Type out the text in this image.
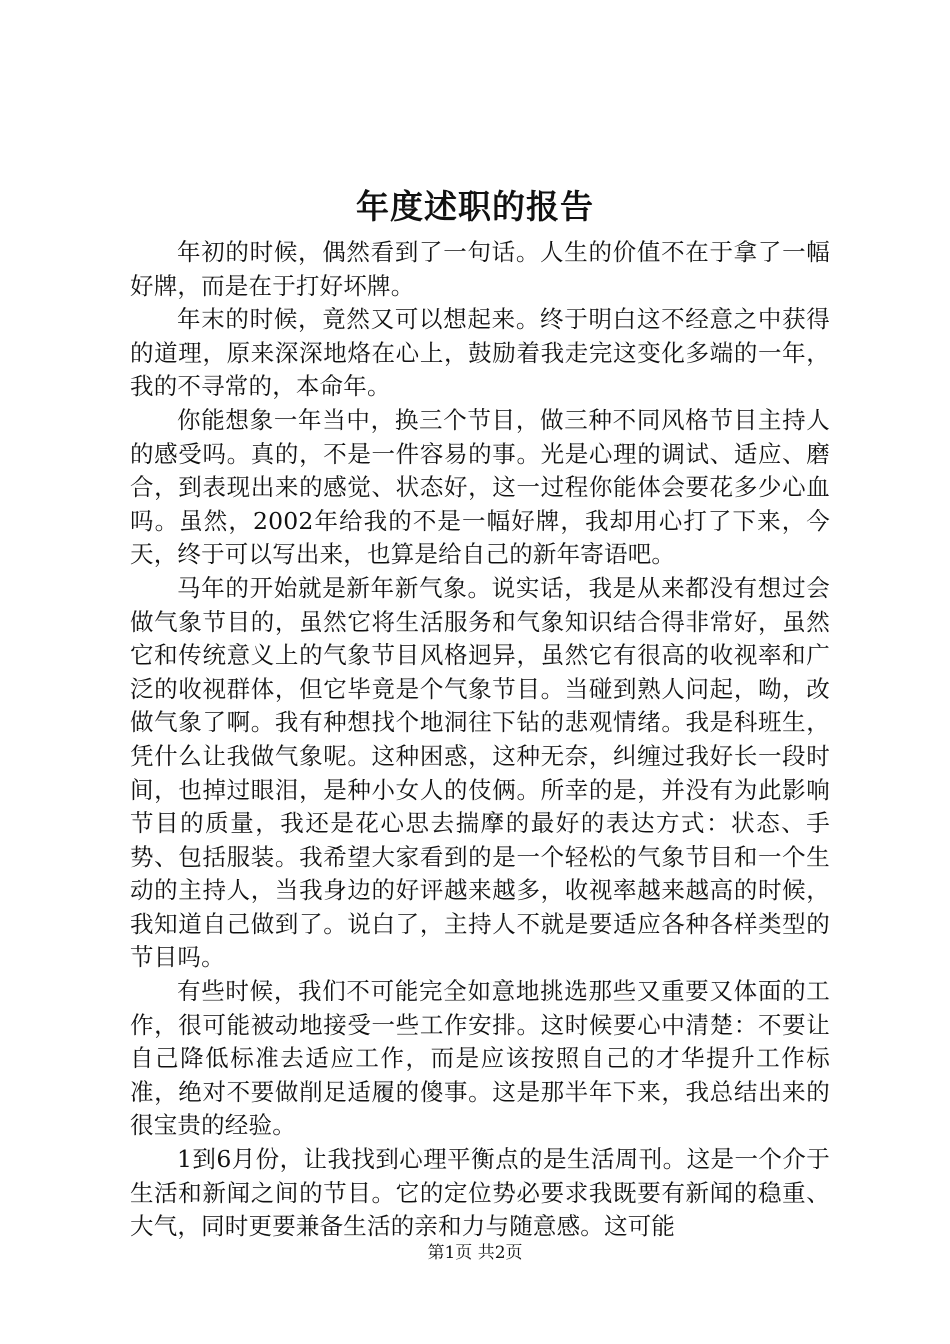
年度述职的报告

年初的时候，偶然看到了一句话。人生的价值不在于拿了一幅好牌，而是在于打好坏牌。

年末的时候，竟然又可以想起来。终于明白这不经意之中获得的道理，原来深深地烙在心上，鼓励着我走完这变化多端的一年，我的不寻常的，本命年。

你能想象一年当中，换三个节目，做三种不同风格节目主持人的感受吗。真的，不是一件容易的事。光是心理的调试、适应、磨合，到表现出来的感觉、状态好，这一过程你能体会要花多少心血吗。虽然，2002年给我的不是一幅好牌，我却用心打了下来，今天，终于可以写出来，也算是给自己的新年寄语吧。

马年的开始就是新年新气象。说实话，我是从来都没有想过会做气象节目的，虽然它将生活服务和气象知识结合得非常好，虽然它和传统意义上的气象节目风格迥异，虽然它有很高的收视率和广泛的收视群体，但它毕竟是个气象节目。当碰到熟人问起，呦，改做气象了啊。我有种想找个地洞往下钻的悲观情绪。我是科班生，凭什么让我做气象呢。这种困惑，这种无奈，纠缠过我好长一段时间，也掉过眼泪，是种小女人的伎俩。所幸的是，并没有为此影响节目的质量，我还是花心思去揣摩的最好的表达方式：状态、手势、包括服装。我希望大家看到的是一个轻松的气象节目和一个生动的主持人，当我身边的好评越来越多，收视率越来越高的时候，我知道自己做到了。说白了，主持人不就是要适应各种各样类型的节目吗。

有些时候，我们不可能完全如意地挑选那些又重要又体面的工作，很可能被动地接受一些工作安排。这时候要心中清楚：不要让自己降低标准去适应工作，而是应该按照自己的才华提升工作标准，绝对不要做削足适履的傻事。这是那半年下来，我总结出来的很宝贵的经验。

1到6月份，让我找到心理平衡点的是生活周刊。这是一个介于生活和新闻之间的节目。它的定位势必要求我既要有新闻的稳重、大气，同时更要兼备生活的亲和力与随意感。这可能

第1页 共2页
